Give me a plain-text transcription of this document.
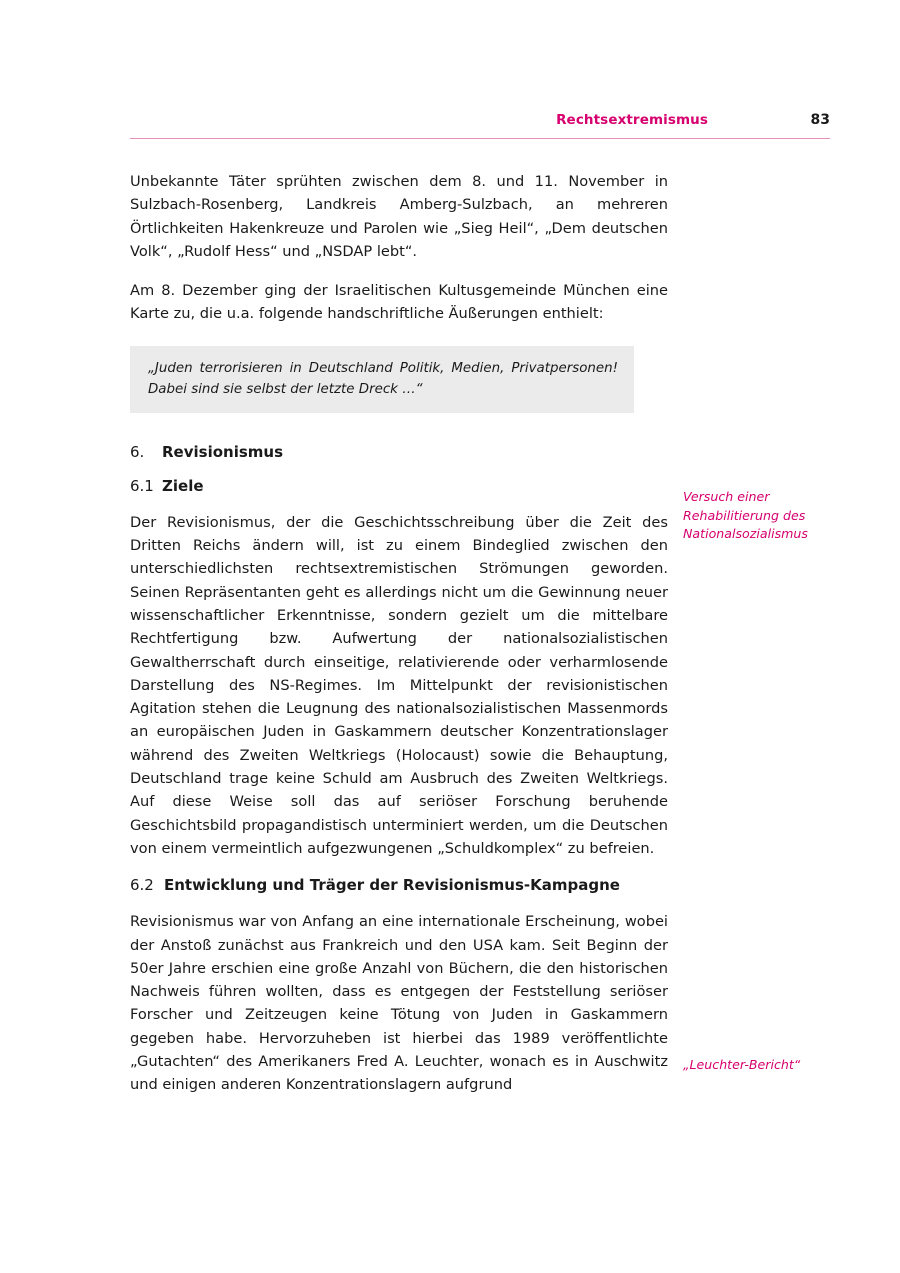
Rechtsextremismus	83

Unbekannte Täter sprühten zwischen dem 8. und 11. November in Sulzbach-Rosenberg, Landkreis Amberg-Sulzbach, an mehreren Örtlichkeiten Hakenkreuze und Parolen wie „Sieg Heil“, „Dem deutschen Volk“, „Rudolf Hess“ und „NSDAP lebt“.

Am 8. Dezember ging der Israelitischen Kultusgemeinde München eine Karte zu, die u.a. folgende handschriftliche Äußerungen enthielt:

„Juden terrorisieren in Deutschland Politik, Medien, Privatpersonen! Dabei sind sie selbst der letzte Dreck …“

6.	Revisionismus
6.1 Ziele

Der Revisionismus, der die Geschichtsschreibung über die Zeit des Dritten Reichs ändern will, ist zu einem Bindeglied zwischen den unterschiedlichsten rechtsextremistischen Strömungen geworden. Seinen Repräsentanten geht es allerdings nicht um die Gewinnung neuer wissenschaftlicher Erkenntnisse, sondern gezielt um die mittelbare Rechtfertigung bzw. Aufwertung der nationalsozialistischen Gewaltherrschaft durch einseitige, relativierende oder verharmlosende Darstellung des NS-Regimes. Im Mittelpunkt der revisionistischen Agitation stehen die Leugnung des nationalsozialistischen Massenmords an europäischen Juden in Gaskammern deutscher Konzentrationslager während des Zweiten Weltkriegs (Holocaust) sowie die Behauptung, Deutschland trage keine Schuld am Ausbruch des Zweiten Weltkriegs. Auf diese Weise soll das auf seriöser Forschung beruhende Geschichtsbild propagandistisch unterminiert werden, um die Deutschen von einem vermeintlich aufgezwungenen „Schuldkomplex“ zu befreien.

6.2 Entwicklung und Träger der Revisionismus-Kampagne

Revisionismus war von Anfang an eine internationale Erscheinung, wobei der Anstoß zunächst aus Frankreich und den USA kam. Seit Beginn der 50er Jahre erschien eine große Anzahl von Büchern, die den historischen Nachweis führen wollten, dass es entgegen der Feststellung seriöser Forscher und Zeitzeugen keine Tötung von Juden in Gaskammern gegeben habe. Hervorzuheben ist hierbei das 1989 veröffentlichte „Gutachten“ des Amerikaners Fred A. Leuchter, wonach es in Auschwitz und einigen anderen Konzentrationslagern aufgrund

Versuch einer Rehabilitierung des Nationalsozialismus
„Leuchter-Bericht“
